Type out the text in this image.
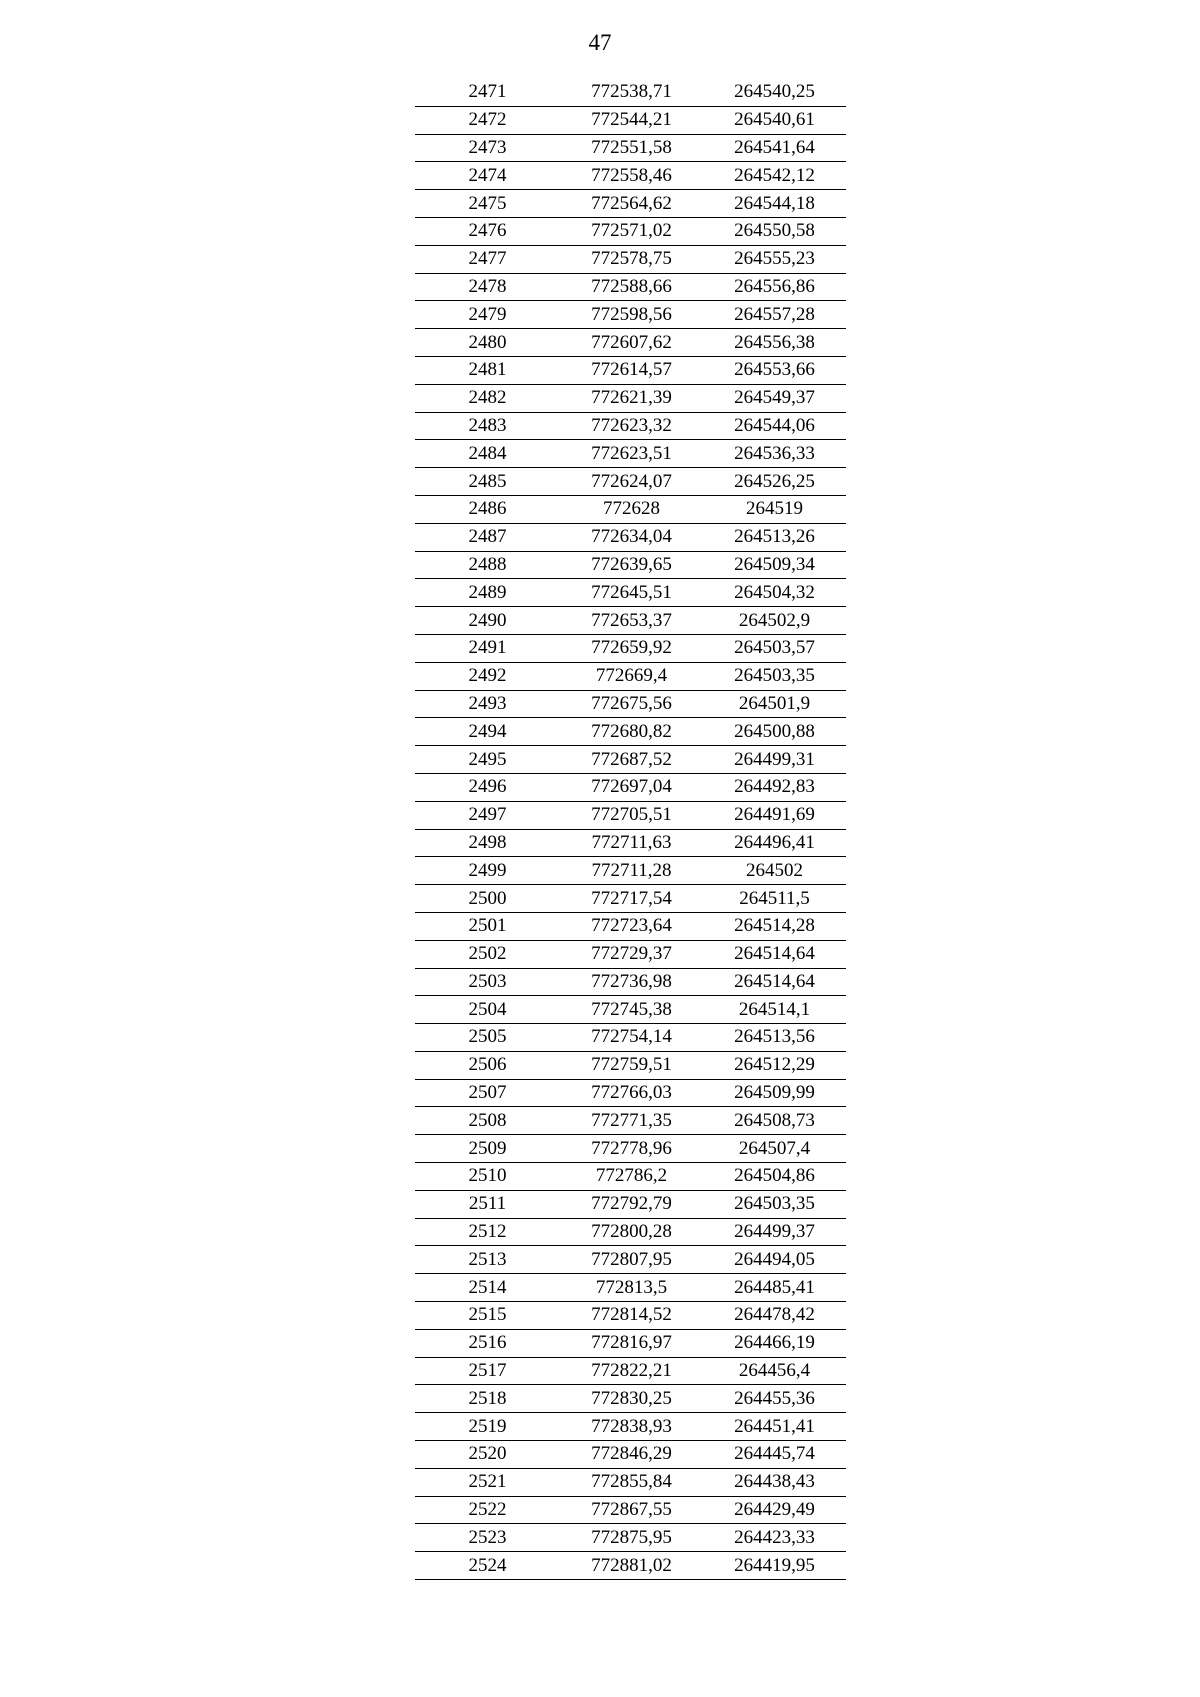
47
2471	772538,71	264540,25
2472	772544,21	264540,61
2473	772551,58	264541,64
2474	772558,46	264542,12
2475	772564,62	264544,18
2476	772571,02	264550,58
2477	772578,75	264555,23
2478	772588,66	264556,86
2479	772598,56	264557,28
2480	772607,62	264556,38
2481	772614,57	264553,66
2482	772621,39	264549,37
2483	772623,32	264544,06
2484	772623,51	264536,33
2485	772624,07	264526,25
2486	772628	264519
2487	772634,04	264513,26
2488	772639,65	264509,34
2489	772645,51	264504,32
2490	772653,37	264502,9
2491	772659,92	264503,57
2492	772669,4	264503,35
2493	772675,56	264501,9
2494	772680,82	264500,88
2495	772687,52	264499,31
2496	772697,04	264492,83
2497	772705,51	264491,69
2498	772711,63	264496,41
2499	772711,28	264502
2500	772717,54	264511,5
2501	772723,64	264514,28
2502	772729,37	264514,64
2503	772736,98	264514,64
2504	772745,38	264514,1
2505	772754,14	264513,56
2506	772759,51	264512,29
2507	772766,03	264509,99
2508	772771,35	264508,73
2509	772778,96	264507,4
2510	772786,2	264504,86
2511	772792,79	264503,35
2512	772800,28	264499,37
2513	772807,95	264494,05
2514	772813,5	264485,41
2515	772814,52	264478,42
2516	772816,97	264466,19
2517	772822,21	264456,4
2518	772830,25	264455,36
2519	772838,93	264451,41
2520	772846,29	264445,74
2521	772855,84	264438,43
2522	772867,55	264429,49
2523	772875,95	264423,33
2524	772881,02	264419,95
